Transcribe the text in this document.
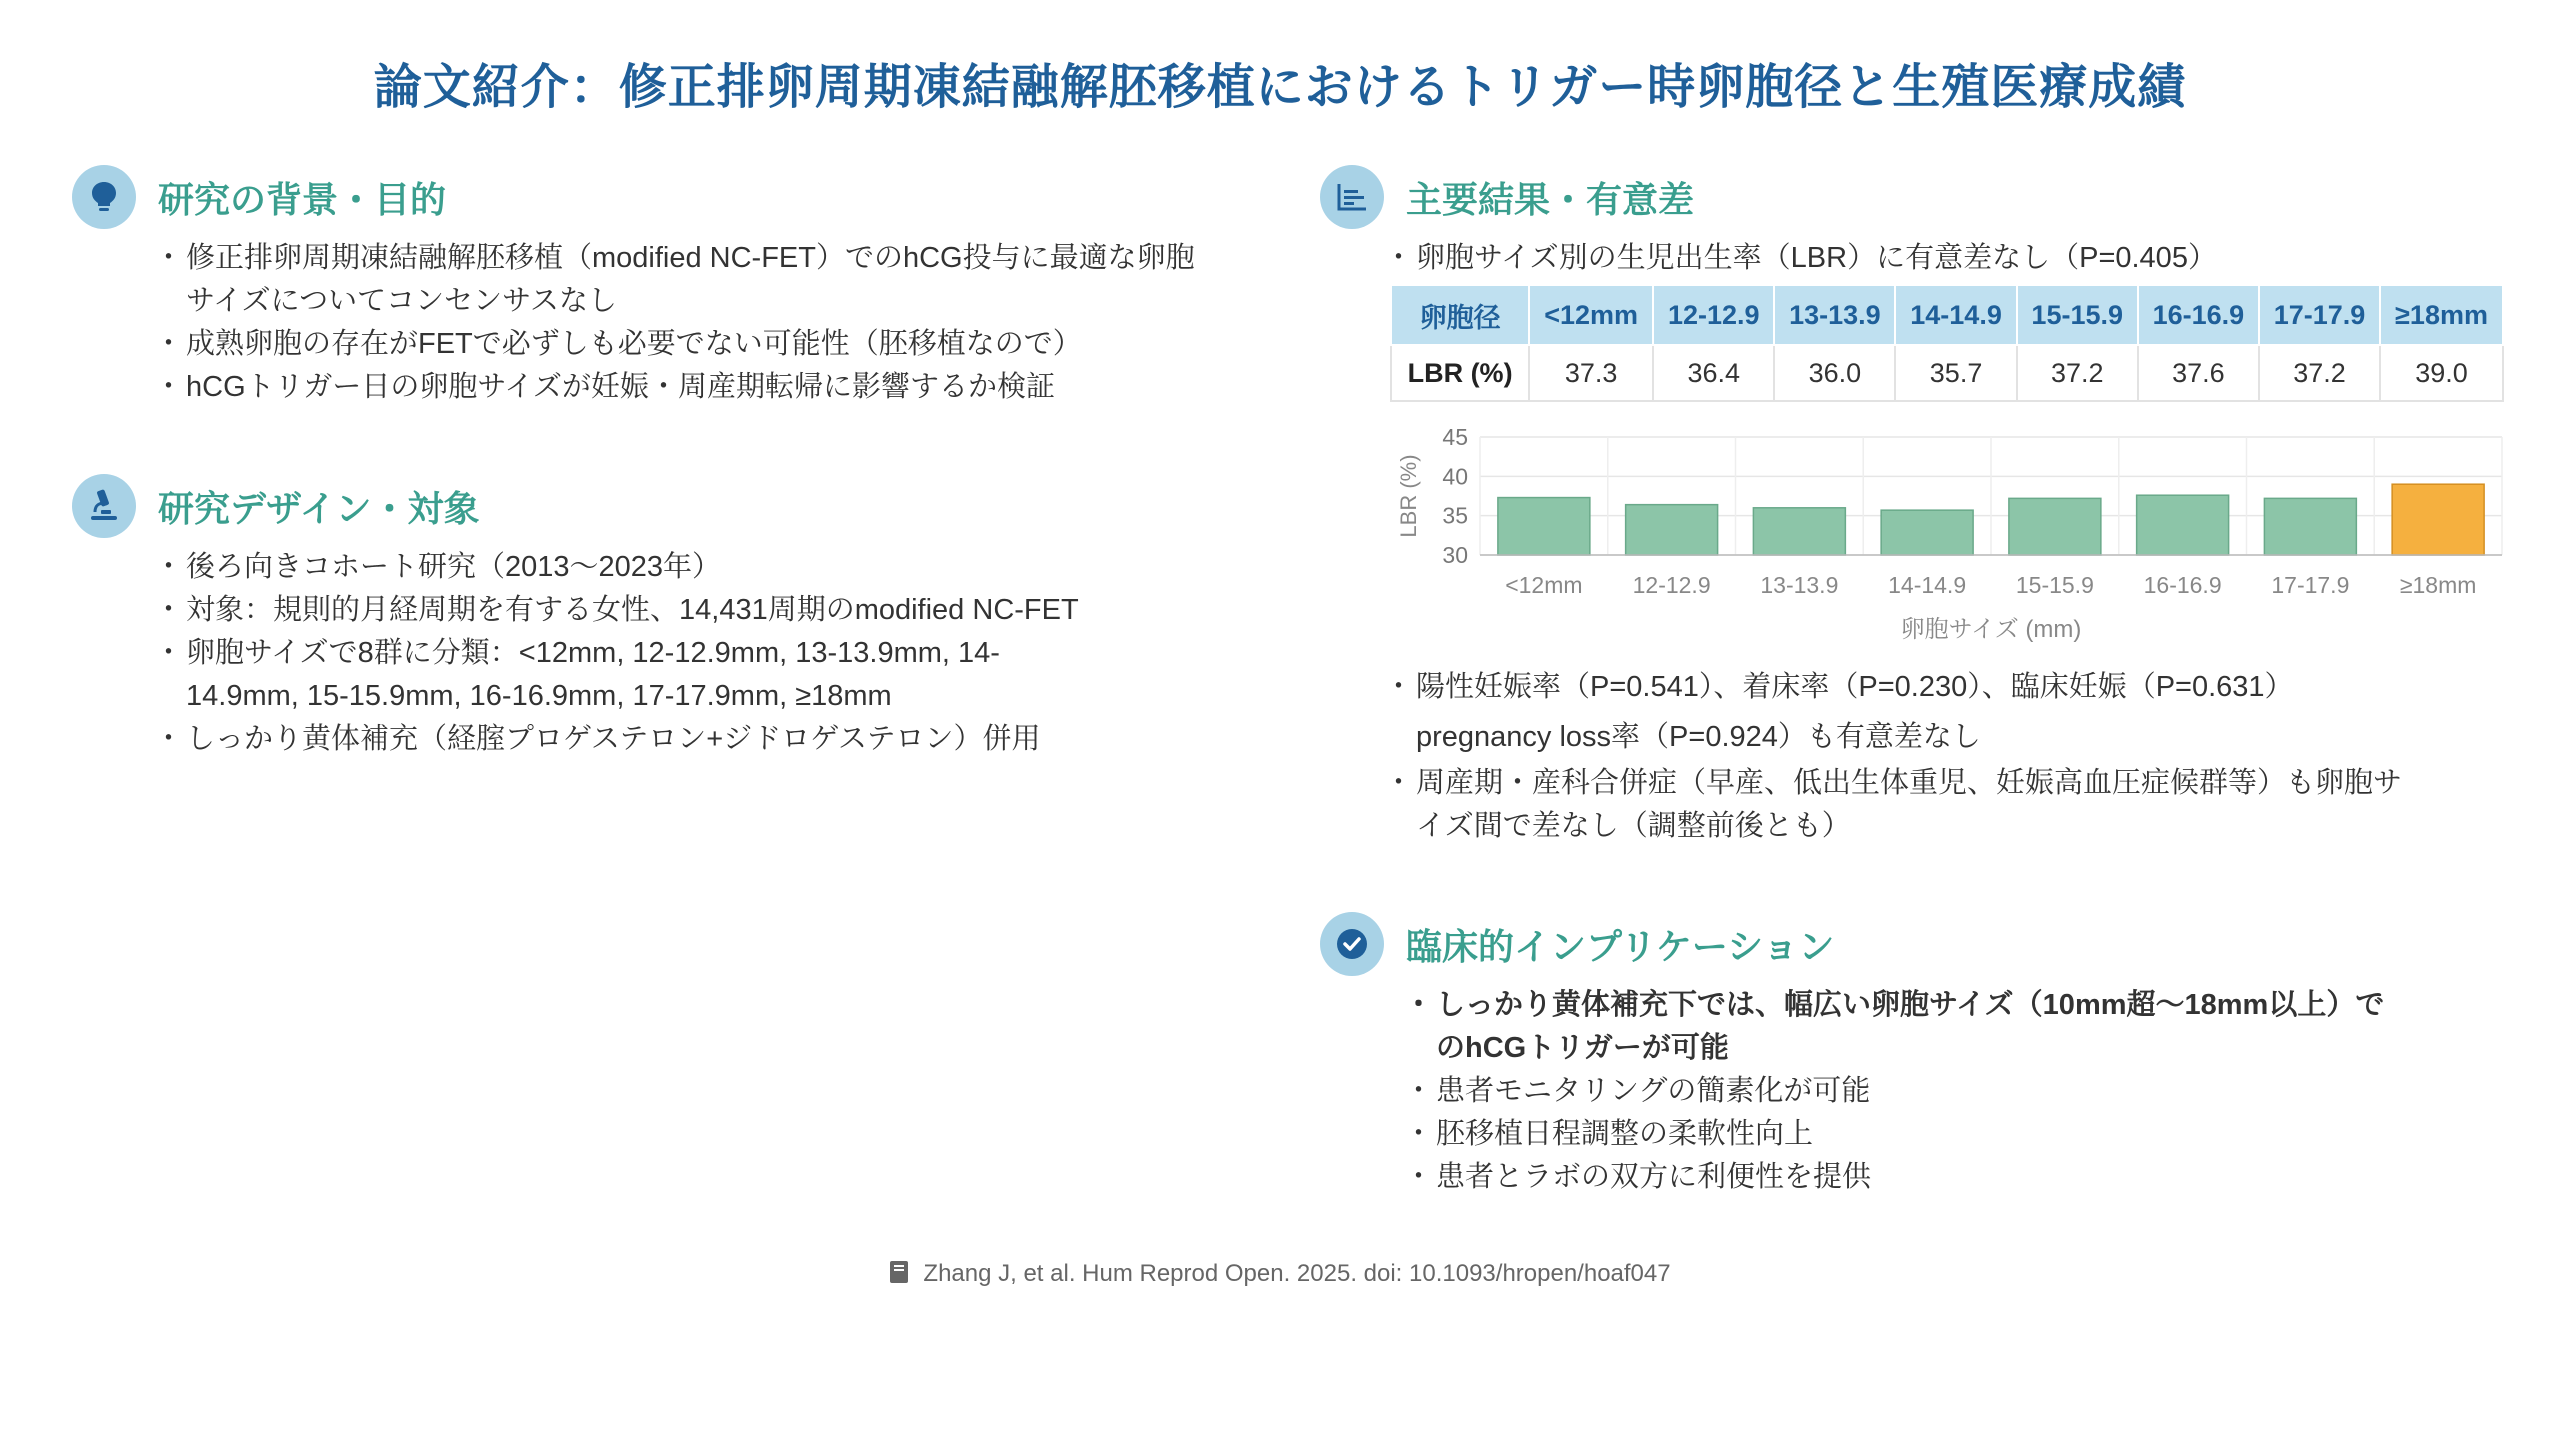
論文紹介：修正排卵周期凍結融解胚移植におけるトリガー時卵胞径と生殖医療成績
研究の背景・目的
・ 修正排卵周期凍結融解胚移植（modified NC-FET）でのhCG投与に最適な卵胞サイズについてコンセンサスなし
・ 成熟卵胞の存在がFETで必ずしも必要でない可能性（胚移植なので）
・ hCGトリガー日の卵胞サイズが妊娠・周産期転帰に影響するか検証
研究デザイン・対象
・ 後ろ向きコホート研究（2013〜2023年）
・ 対象：規則的月経周期を有する女性、14,431周期のmodified NC-FET
・ 卵胞サイズで8群に分類：<12mm, 12-12.9mm, 13-13.9mm, 14-14.9mm, 15-15.9mm, 16-16.9mm, 17-17.9mm, ≥18mm
・ しっかり黄体補充（経腟プロゲステロン+ジドロゲステロン）併用
主要結果・有意差
・ 卵胞サイズ別の生児出生率（LBR）に有意差なし（P=0.405）
卵胞径	<12mm	12-12.9	13-13.9	14-14.9	15-15.9	16-16.9	17-17.9	≥18mm
LBR (%)	37.3	36.4	36.0	35.7	37.2	37.6	37.2	39.0
30
35
40
45
<12mm 12-12.9 13-13.9 14-14.9 15-15.9 16-16.9 17-17.9 ≥18mm
卵胞サイズ (mm)
LBR (%)
・ 陽性妊娠率（P=0.541）、着床率（P=0.230）、臨床妊娠（P=0.631） pregnancy loss率（P=0.924）も有意差なし
・ 周産期・産科合併症（早産、低出生体重児、妊娠高血圧症候群等）も卵胞サイズ間で差なし（調整前後とも）
臨床的インプリケーション
・ しっかり黄体補充下では、幅広い卵胞サイズ（10mm超〜18mm以上）でのhCGトリガーが可能
・ 患者モニタリングの簡素化が可能
・ 胚移植日程調整の柔軟性向上
・ 患者とラボの双方に利便性を提供
Zhang J, et al. Hum Reprod Open. 2025. doi: 10.1093/hropen/hoaf047
